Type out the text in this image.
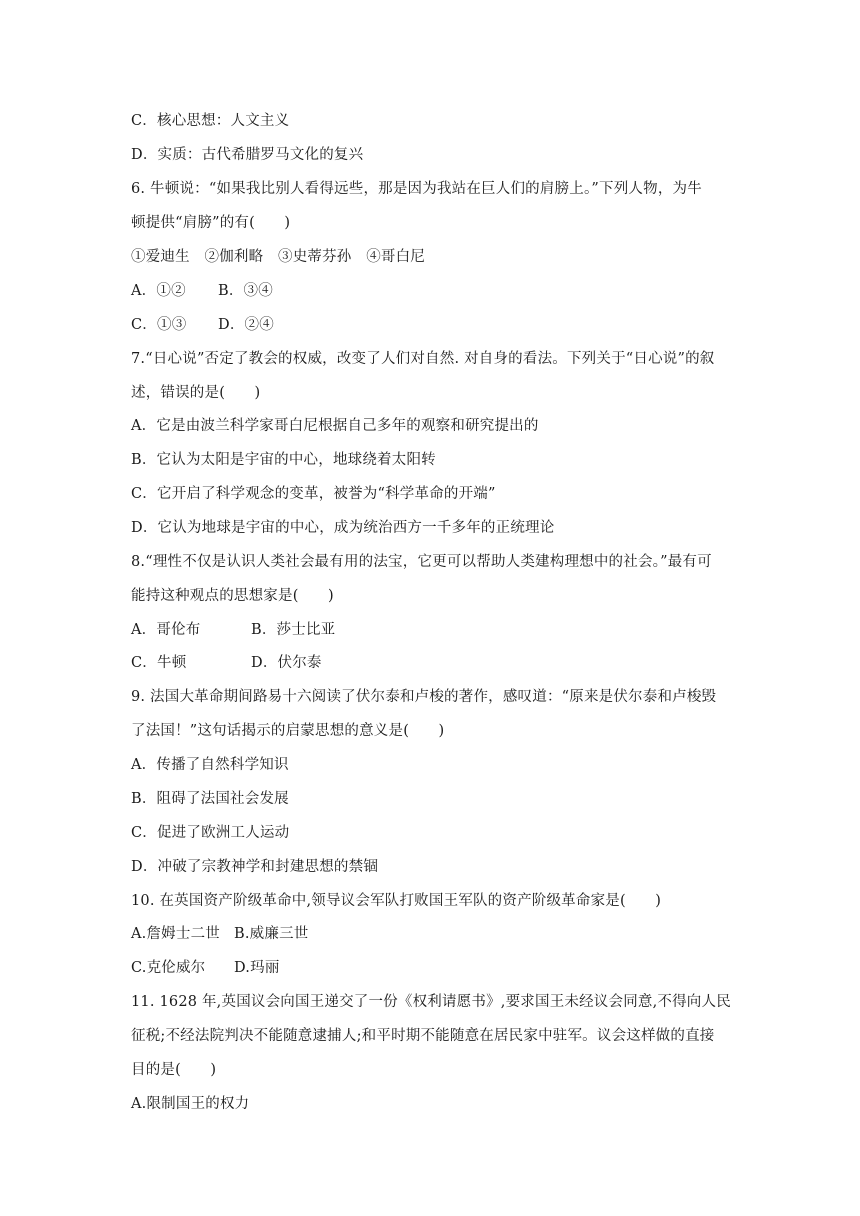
C．核心思想：人文主义
D．实质：古代希腊罗马文化的复兴
6. 牛顿说：“如果我比别人看得远些，那是因为我站在巨人们的肩膀上。”下列人物，为牛
顿提供“肩膀”的有(　　)
①爱迪生　②伽利略　③史蒂芬孙　④哥白尼
A．①② B．③④
C．①③ D．②④
7.“日心说”否定了教会的权威，改变了人们对自然. 对自身的看法。下列关于“日心说”的叙
述，错误的是(　　)
A．它是由波兰科学家哥白尼根据自己多年的观察和研究提出的
B．它认为太阳是宇宙的中心，地球绕着太阳转
C．它开启了科学观念的变革，被誉为“科学革命的开端”
D．它认为地球是宇宙的中心，成为统治西方一千多年的正统理论
8.“理性不仅是认识人类社会最有用的法宝，它更可以帮助人类建构理想中的社会。”最有可
能持这种观点的思想家是(　　)
A．哥伦布	B．莎士比亚
C．牛顿	D．伏尔泰
9. 法国大革命期间路易十六阅读了伏尔泰和卢梭的著作，感叹道：“原来是伏尔泰和卢梭毁
了法国！”这句话揭示的启蒙思想的意义是(　　)
A．传播了自然科学知识
B．阻碍了法国社会发展
C．促进了欧洲工人运动
D．冲破了宗教神学和封建思想的禁锢
10. 在英国资产阶级革命中,领导议会军队打败国王军队的资产阶级革命家是(　　)
A.詹姆士二世 B.威廉三世
C.克伦威尔 D.玛丽
11. 1628 年,英国议会向国王递交了一份《权利请愿书》,要求国王未经议会同意,不得向人民
征税;不经法院判决不能随意逮捕人;和平时期不能随意在居民家中驻军。议会这样做的直接
目的是(　　)
A.限制国王的权力
